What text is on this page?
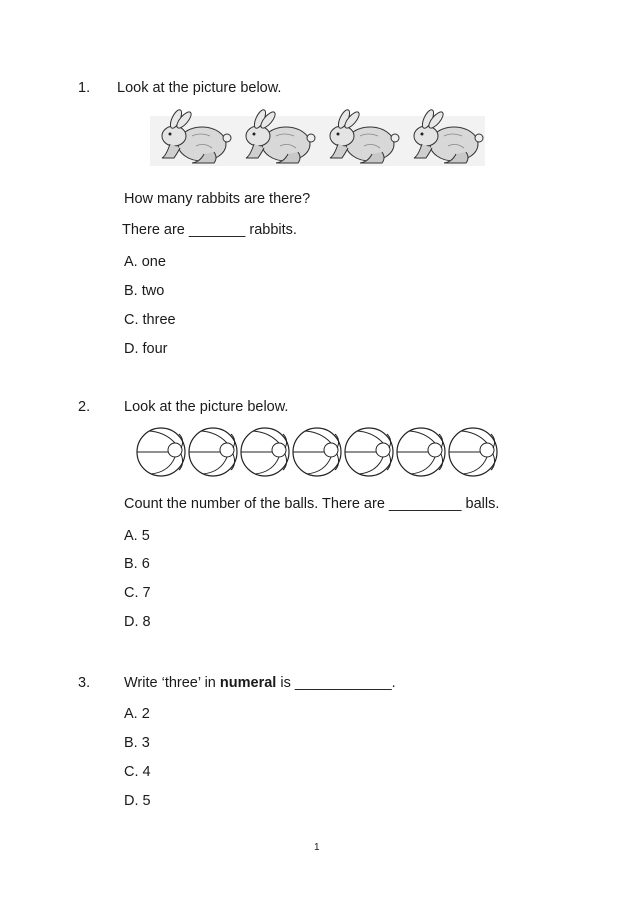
1. Look at the picture below.
How many rabbits are there?
There are _______ rabbits.
A. one
B. two
C. three
D. four
2. Look at the picture below.
Count the number of the balls. There are _________ balls.
A. 5
B. 6
C. 7
D. 8
3. Write ‘three’ in numeral is ____________.
A. 2
B. 3
C. 4
D. 5
1
